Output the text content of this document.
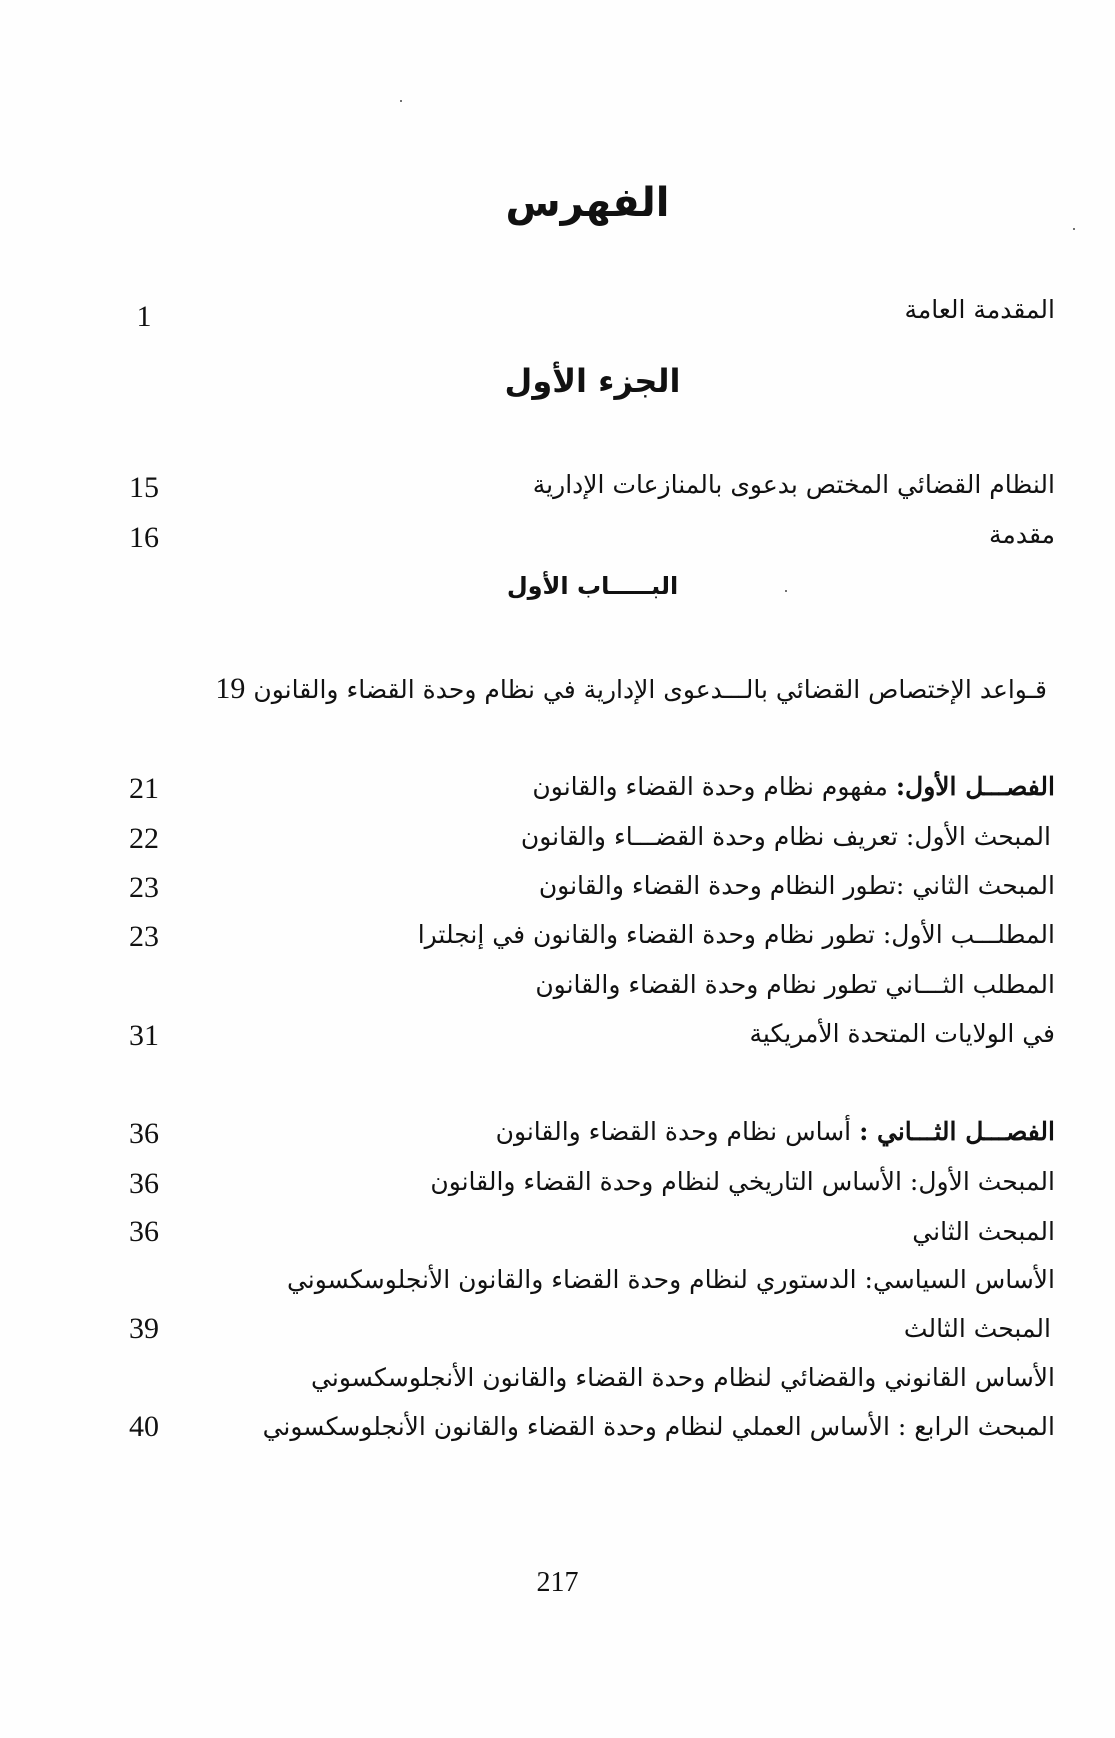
الفهرس

المقدمة العامة

1
الجزء الأول

النظام القضائي المختص بدعوى بالمنازعات الإدارية

15

مقدمة

16
البـــــاب الأول

قـواعد الإختصاص القضائي بالـــدعوى الإدارية في نظام وحدة القضاء والقانون19

الفصـــل الأول: مفهوم نظام وحدة القضاء والقانون

21

المبحث الأول: تعريف نظام وحدة القضـــاء والقانون

22

المبحث الثاني :تطور النظام وحدة القضاء والقانون

23

المطلـــب الأول: تطور نظام وحدة القضاء والقانون في إنجلترا

23

المطلب الثـــاني تطور نظام وحدة القضاء والقانون

في الولايات المتحدة الأمريكية

31

الفصـــل الثـــاني : أساس نظام وحدة القضاء والقانون

36

المبحث الأول: الأساس التاريخي لنظام وحدة القضاء والقانون

36

المبحث الثاني

36

الأساس السياسي: الدستوري لنظام وحدة القضاء والقانون الأنجلوسكسوني

المبحث الثالث

39

الأساس القانوني والقضائي لنظام وحدة القضاء والقانون الأنجلوسكسوني

المبحث الرابع : الأساس العملي لنظام وحدة القضاء والقانون الأنجلوسكسوني

40
217
